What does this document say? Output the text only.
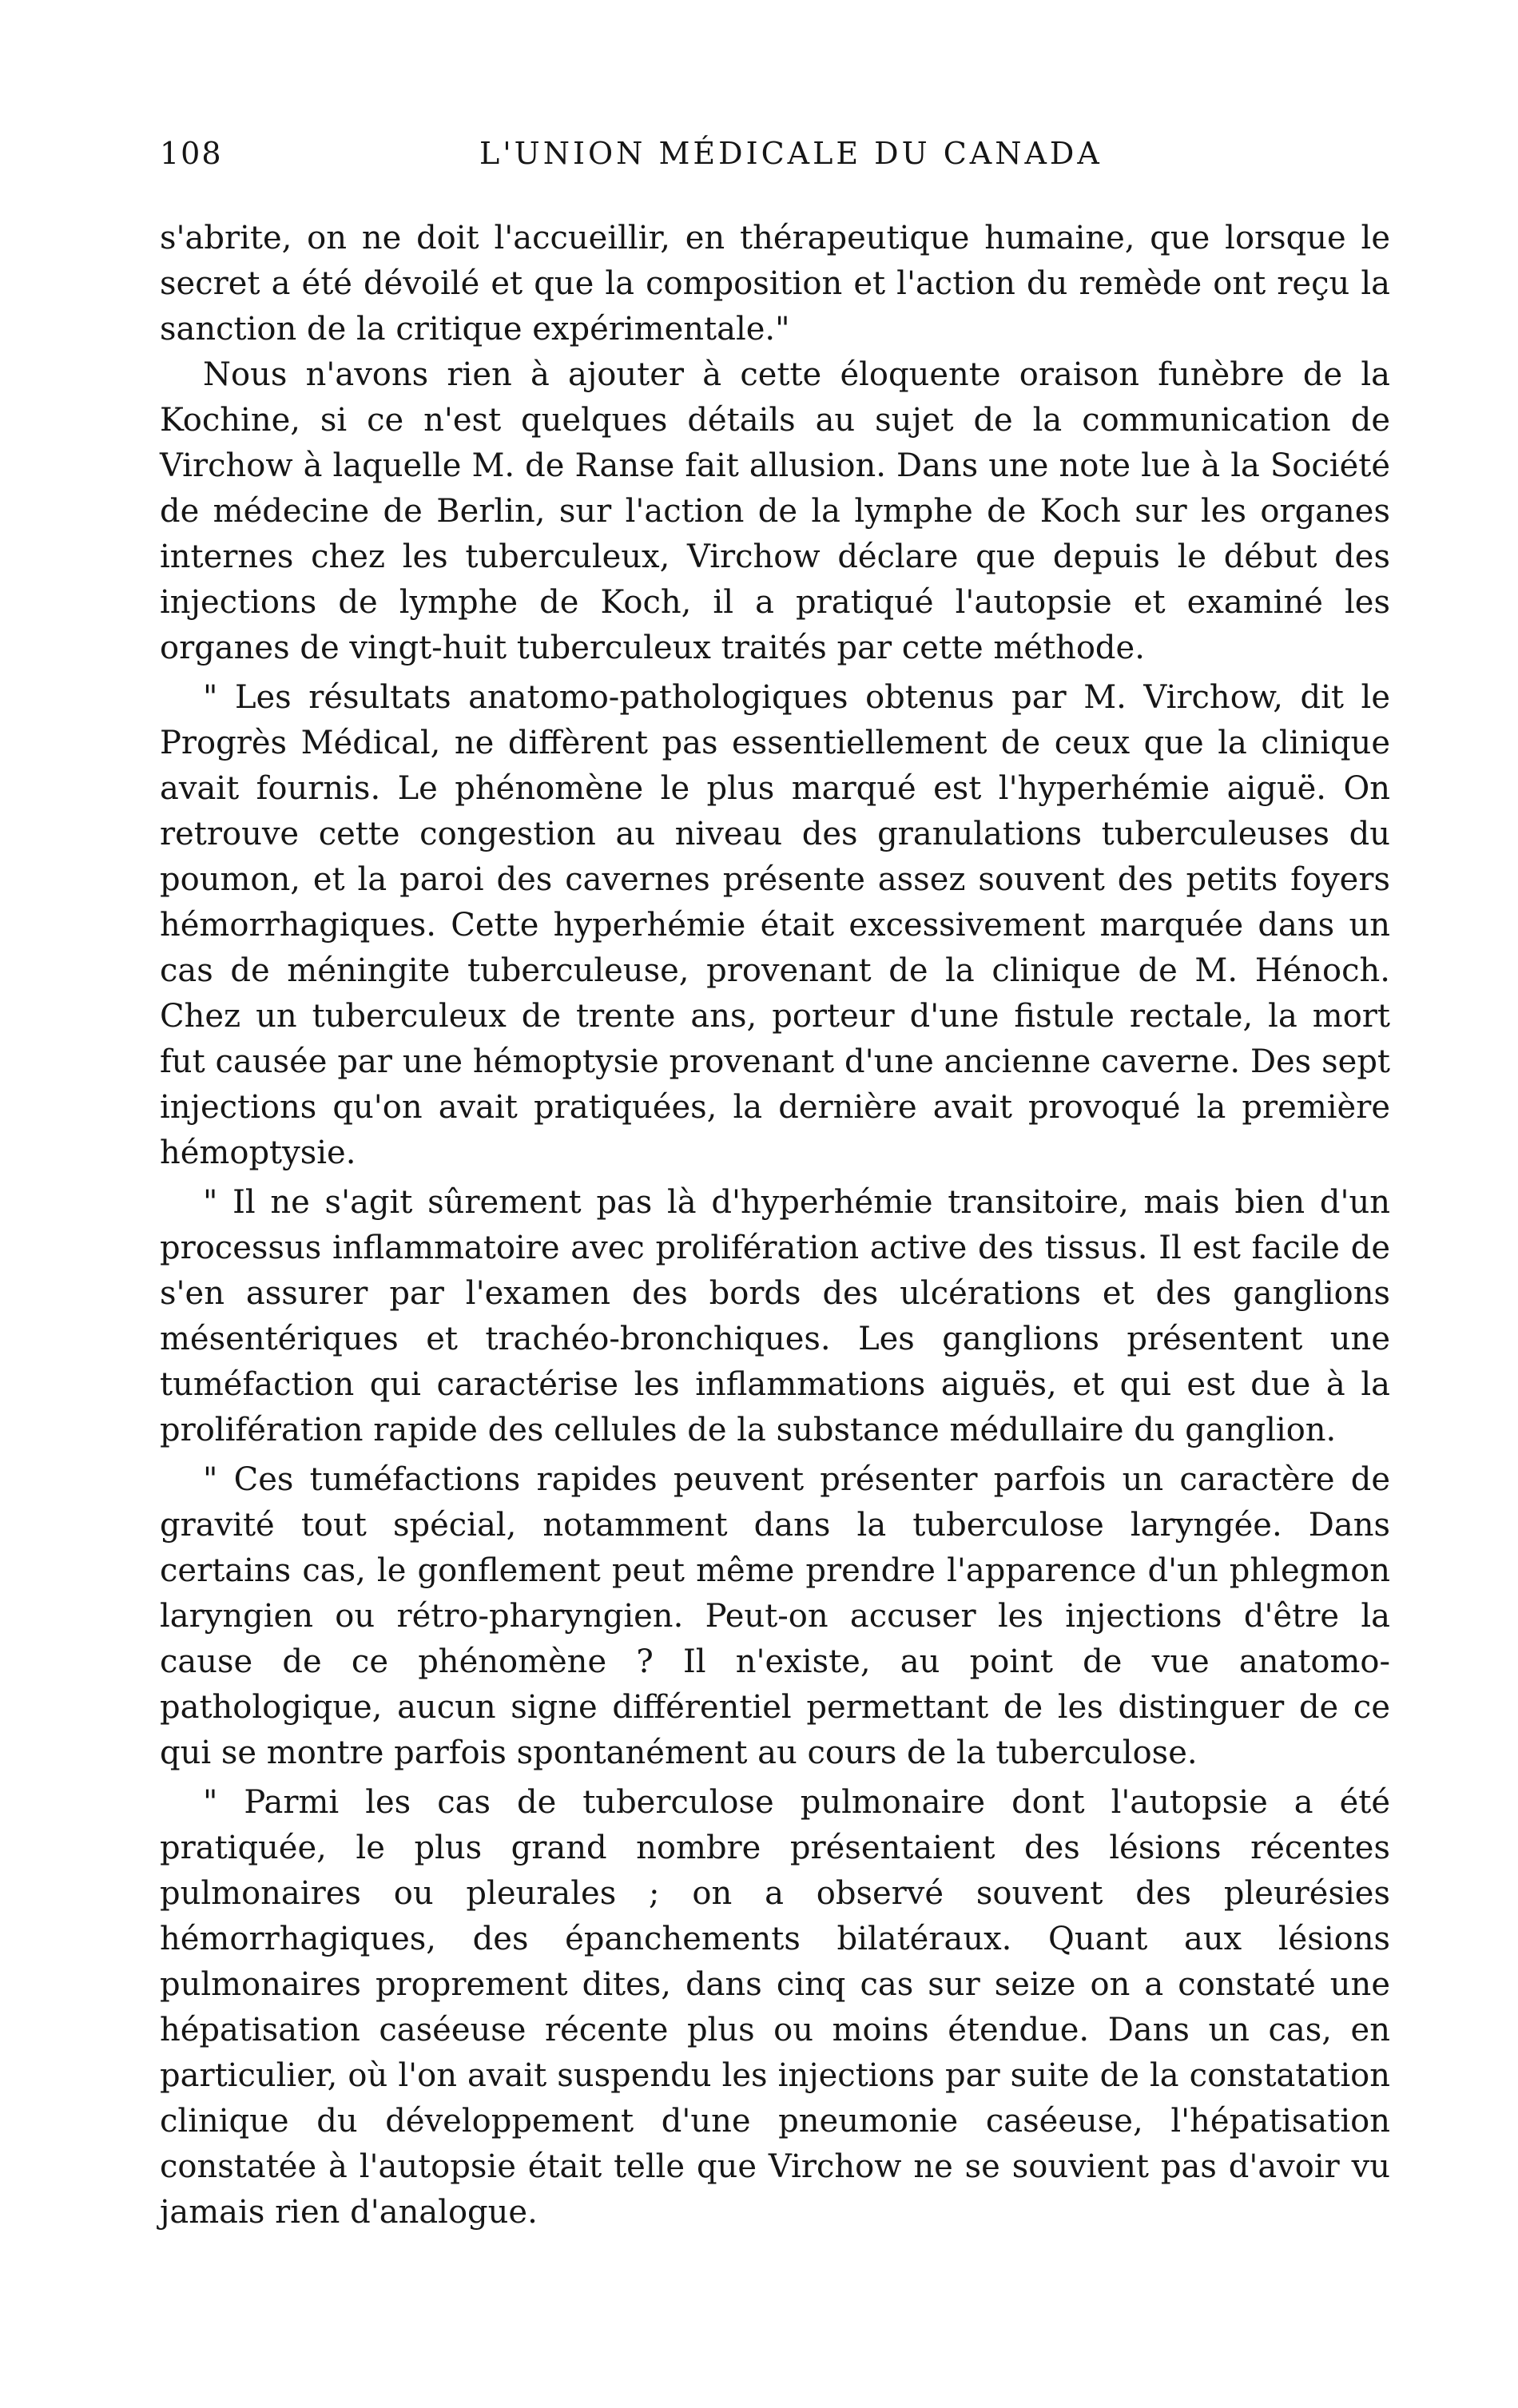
108	L'UNION MÉDICALE DU CANADA

s'abrite, on ne doit l'accueillir, en thérapeutique humaine, que lorsque le secret a été dévoilé et que la composition et l'action du remède ont reçu la sanction de la critique expérimentale."

Nous n'avons rien à ajouter à cette éloquente oraison funèbre de la Kochine, si ce n'est quelques détails au sujet de la communication de Virchow à laquelle M. de Ranse fait allusion. Dans une note lue à la Société de médecine de Berlin, sur l'action de la lymphe de Koch sur les organes internes chez les tuberculeux, Virchow déclare que depuis le début des injections de lymphe de Koch, il a pratiqué l'autopsie et examiné les organes de vingt-huit tuberculeux traités par cette méthode.

" Les résultats anatomo-pathologiques obtenus par M. Virchow, dit le Progrès Médical, ne diffèrent pas essentiellement de ceux que la clinique avait fournis. Le phénomène le plus marqué est l'hyperhémie aiguë. On retrouve cette congestion au niveau des granulations tuberculeuses du poumon, et la paroi des cavernes présente assez souvent des petits foyers hémorrhagiques. Cette hyperhémie était excessivement marquée dans un cas de méningite tuberculeuse, provenant de la clinique de M. Hénoch. Chez un tuberculeux de trente ans, porteur d'une fistule rectale, la mort fut causée par une hémoptysie provenant d'une ancienne caverne. Des sept injections qu'on avait pratiquées, la dernière avait provoqué la première hémoptysie.

" Il ne s'agit sûrement pas là d'hyperhémie transitoire, mais bien d'un processus inflammatoire avec prolifération active des tissus. Il est facile de s'en assurer par l'examen des bords des ulcérations et des ganglions mésentériques et trachéo-bronchiques. Les ganglions présentent une tuméfaction qui caractérise les inflammations aiguës, et qui est due à la prolifération rapide des cellules de la substance médullaire du ganglion.

" Ces tuméfactions rapides peuvent présenter parfois un caractère de gravité tout spécial, notamment dans la tuberculose laryngée. Dans certains cas, le gonflement peut même prendre l'apparence d'un phlegmon laryngien ou rétro-pharyngien. Peut-on accuser les injections d'être la cause de ce phénomène ? Il n'existe, au point de vue anatomo-pathologique, aucun signe différentiel permettant de les distinguer de ce qui se montre parfois spontanément au cours de la tuberculose.

" Parmi les cas de tuberculose pulmonaire dont l'autopsie a été pratiquée, le plus grand nombre présentaient des lésions récentes pulmonaires ou pleurales ; on a observé souvent des pleurésies hémorrhagiques, des épanchements bilatéraux. Quant aux lésions pulmonaires proprement dites, dans cinq cas sur seize on a constaté une hépatisation caséeuse récente plus ou moins étendue. Dans un cas, en particulier, où l'on avait suspendu les injections par suite de la constatation clinique du développement d'une pneumonie caséeuse, l'hépatisation constatée à l'autopsie était telle que Virchow ne se souvient pas d'avoir vu jamais rien d'analogue.
